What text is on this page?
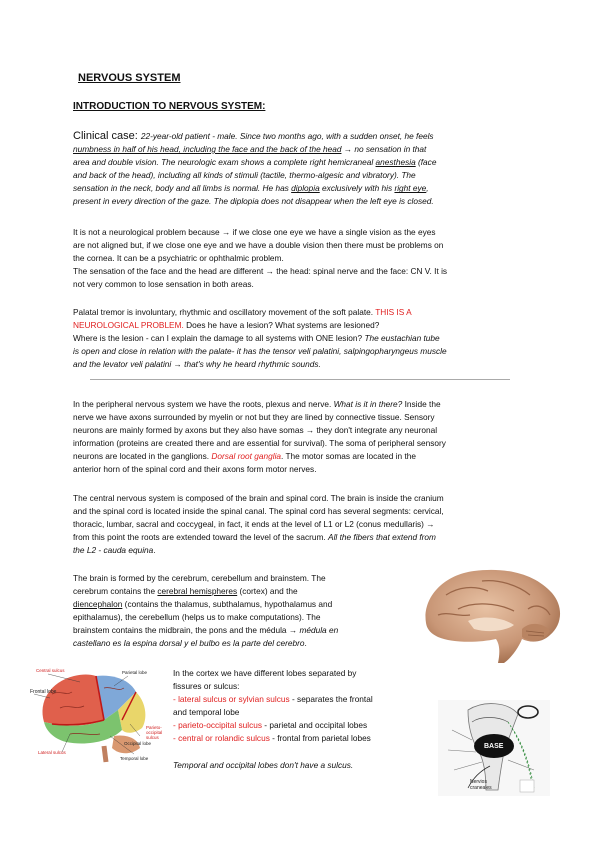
NERVOUS SYSTEM
INTRODUCTION TO NERVOUS SYSTEM:
Clinical case: 22-year-old patient - male. Since two months ago, with a sudden onset, he feels
numbness in half of his head, including the face and the back of the head → no sensation in that
area and double vision. The neurologic exam shows a complete right hemicraneal anesthesia (face
and back of the head), including all kinds of stimuli (tactile, thermo-algesic and vibratory). The
sensation in the neck, body and all limbs is normal. He has diplopia exclusively with his right eye,
present in every direction of the gaze. The diplopia does not disappear when the left eye is closed.
It is not a neurological problem because → if we close one eye we have a single vision as the eyes
are not aligned but, if we close one eye and we have a double vision then there must be problems on
the cornea. It can be a psychiatric or ophthalmic problem.
The sensation of the face and the head are different → the head: spinal nerve and the face: CN V. It is
not very common to lose sensation in both areas.
Palatal tremor is involuntary, rhythmic and oscillatory movement of the soft palate. THIS IS A
NEUROLOGICAL PROBLEM. Does he have a lesion? What systems are lesioned?
Where is the lesion - can I explain the damage to all systems with ONE lesion? The eustachian tube
is open and close in relation with the palate- it has the tensor veli palatini, salpingopharyngeus muscle
and the levator veli palatini → that's why he heard rhythmic sounds.
In the peripheral nervous system we have the roots, plexus and nerve. What is it in there? Inside the
nerve we have axons surrounded by myelin or not but they are lined by connective tissue. Sensory
neurons are mainly formed by axons but they also have somas → they don't integrate any neuronal
information (proteins are created there and are essential for survival). The soma of peripheral sensory
neurons are located in the ganglions. Dorsal root ganglia. The motor somas are located in the
anterior horn of the spinal cord and their axons form motor nerves.
The central nervous system is composed of the brain and spinal cord. The brain is inside the cranium
and the spinal cord is located inside the spinal canal. The spinal cord has several segments: cervical,
thoracic, lumbar, sacral and coccygeal, in fact, it ends at the level of L1 or L2 (conus medullaris) →
from this point the roots are extended toward the level of the sacrum. All the fibers that extend from
the L2 - cauda equina.
The brain is formed by the cerebrum, cerebellum and brainstem. The
cerebrum contains the cerebral hemispheres (cortex) and the
diencephalon (contains the thalamus, subthalamus, hypothalamus and
epithalamus), the cerebellum (helps us to make computations). The
brainstem contains the midbrain, the pons and the médula → médula en
castellano es la espina dorsal y el bulbo es la parte del cerebro.
In the cortex we have different lobes separated by
fissures or sulcus:
- lateral sulcus or sylvian sulcus - separates the frontal
and temporal lobe
- parieto-occipital sulcus - parietal and occipital lobes
- central or rolandic sulcus - frontal from parietal lobes
Temporal and occipital lobes don't have a sulcus.
Central sulcus	Parietal lobe
Frontal lobe
Lateral sulcus
Occipital lobe
Temporal lobe
Parieto-occipital sulcus
BASE
Nervios
craneales
